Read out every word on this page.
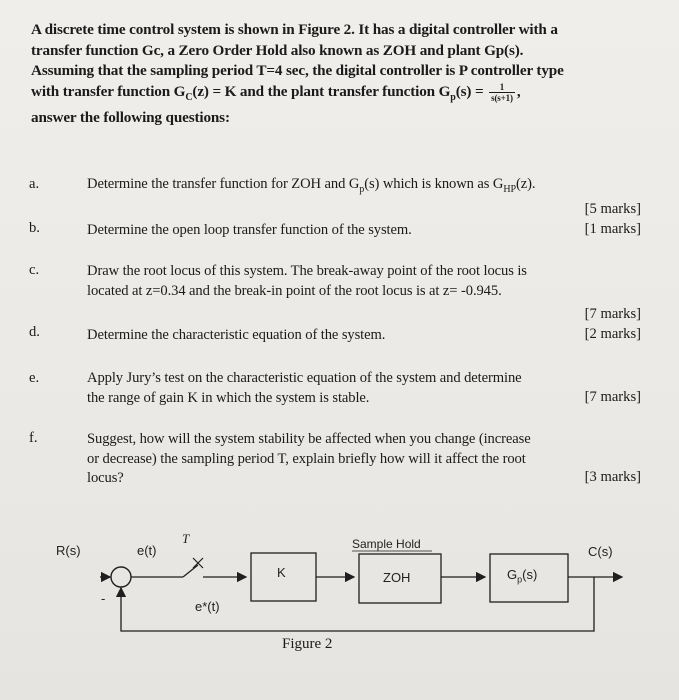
A discrete time control system is shown in Figure 2. It has a digital controller with a
transfer function Gc, a Zero Order Hold also known as ZOH and plant Gp(s).
Assuming that the sampling period T=4 sec, the digital controller is P controller type
with transfer function $G_C(z) = K$ and the plant transfer function $G_p(s) = \frac{1}{s(s+1)}$ ,
answer the following questions:
a.	Determine the transfer function for ZOH and $G_p(s)$ which is known as $G_{HP}(z)$.
[5 marks]
b.	Determine the open loop transfer function of the system.	[1 marks]
c.	Draw the root locus of this system. The break-away point of the root locus is
located at z=0.34 and the break-in point of the root locus is at z= -0.945.
[7 marks]
d.	Determine the characteristic equation of the system.	[2 marks]
e.	Apply Jury’s test on the characteristic equation of the system and determine
the range of gain K in which the system is stable.	[7 marks]
f.	Suggest, how will the system stability be affected when you change (increase
or decrease) the sampling period T, explain briefly how will it affect the root
locus?	[3 marks]
R(s)	e(t)
T
e*(t)
K
Sample Hold
ZOH	$G_p(s)$
C(s)
-
Figure 2
